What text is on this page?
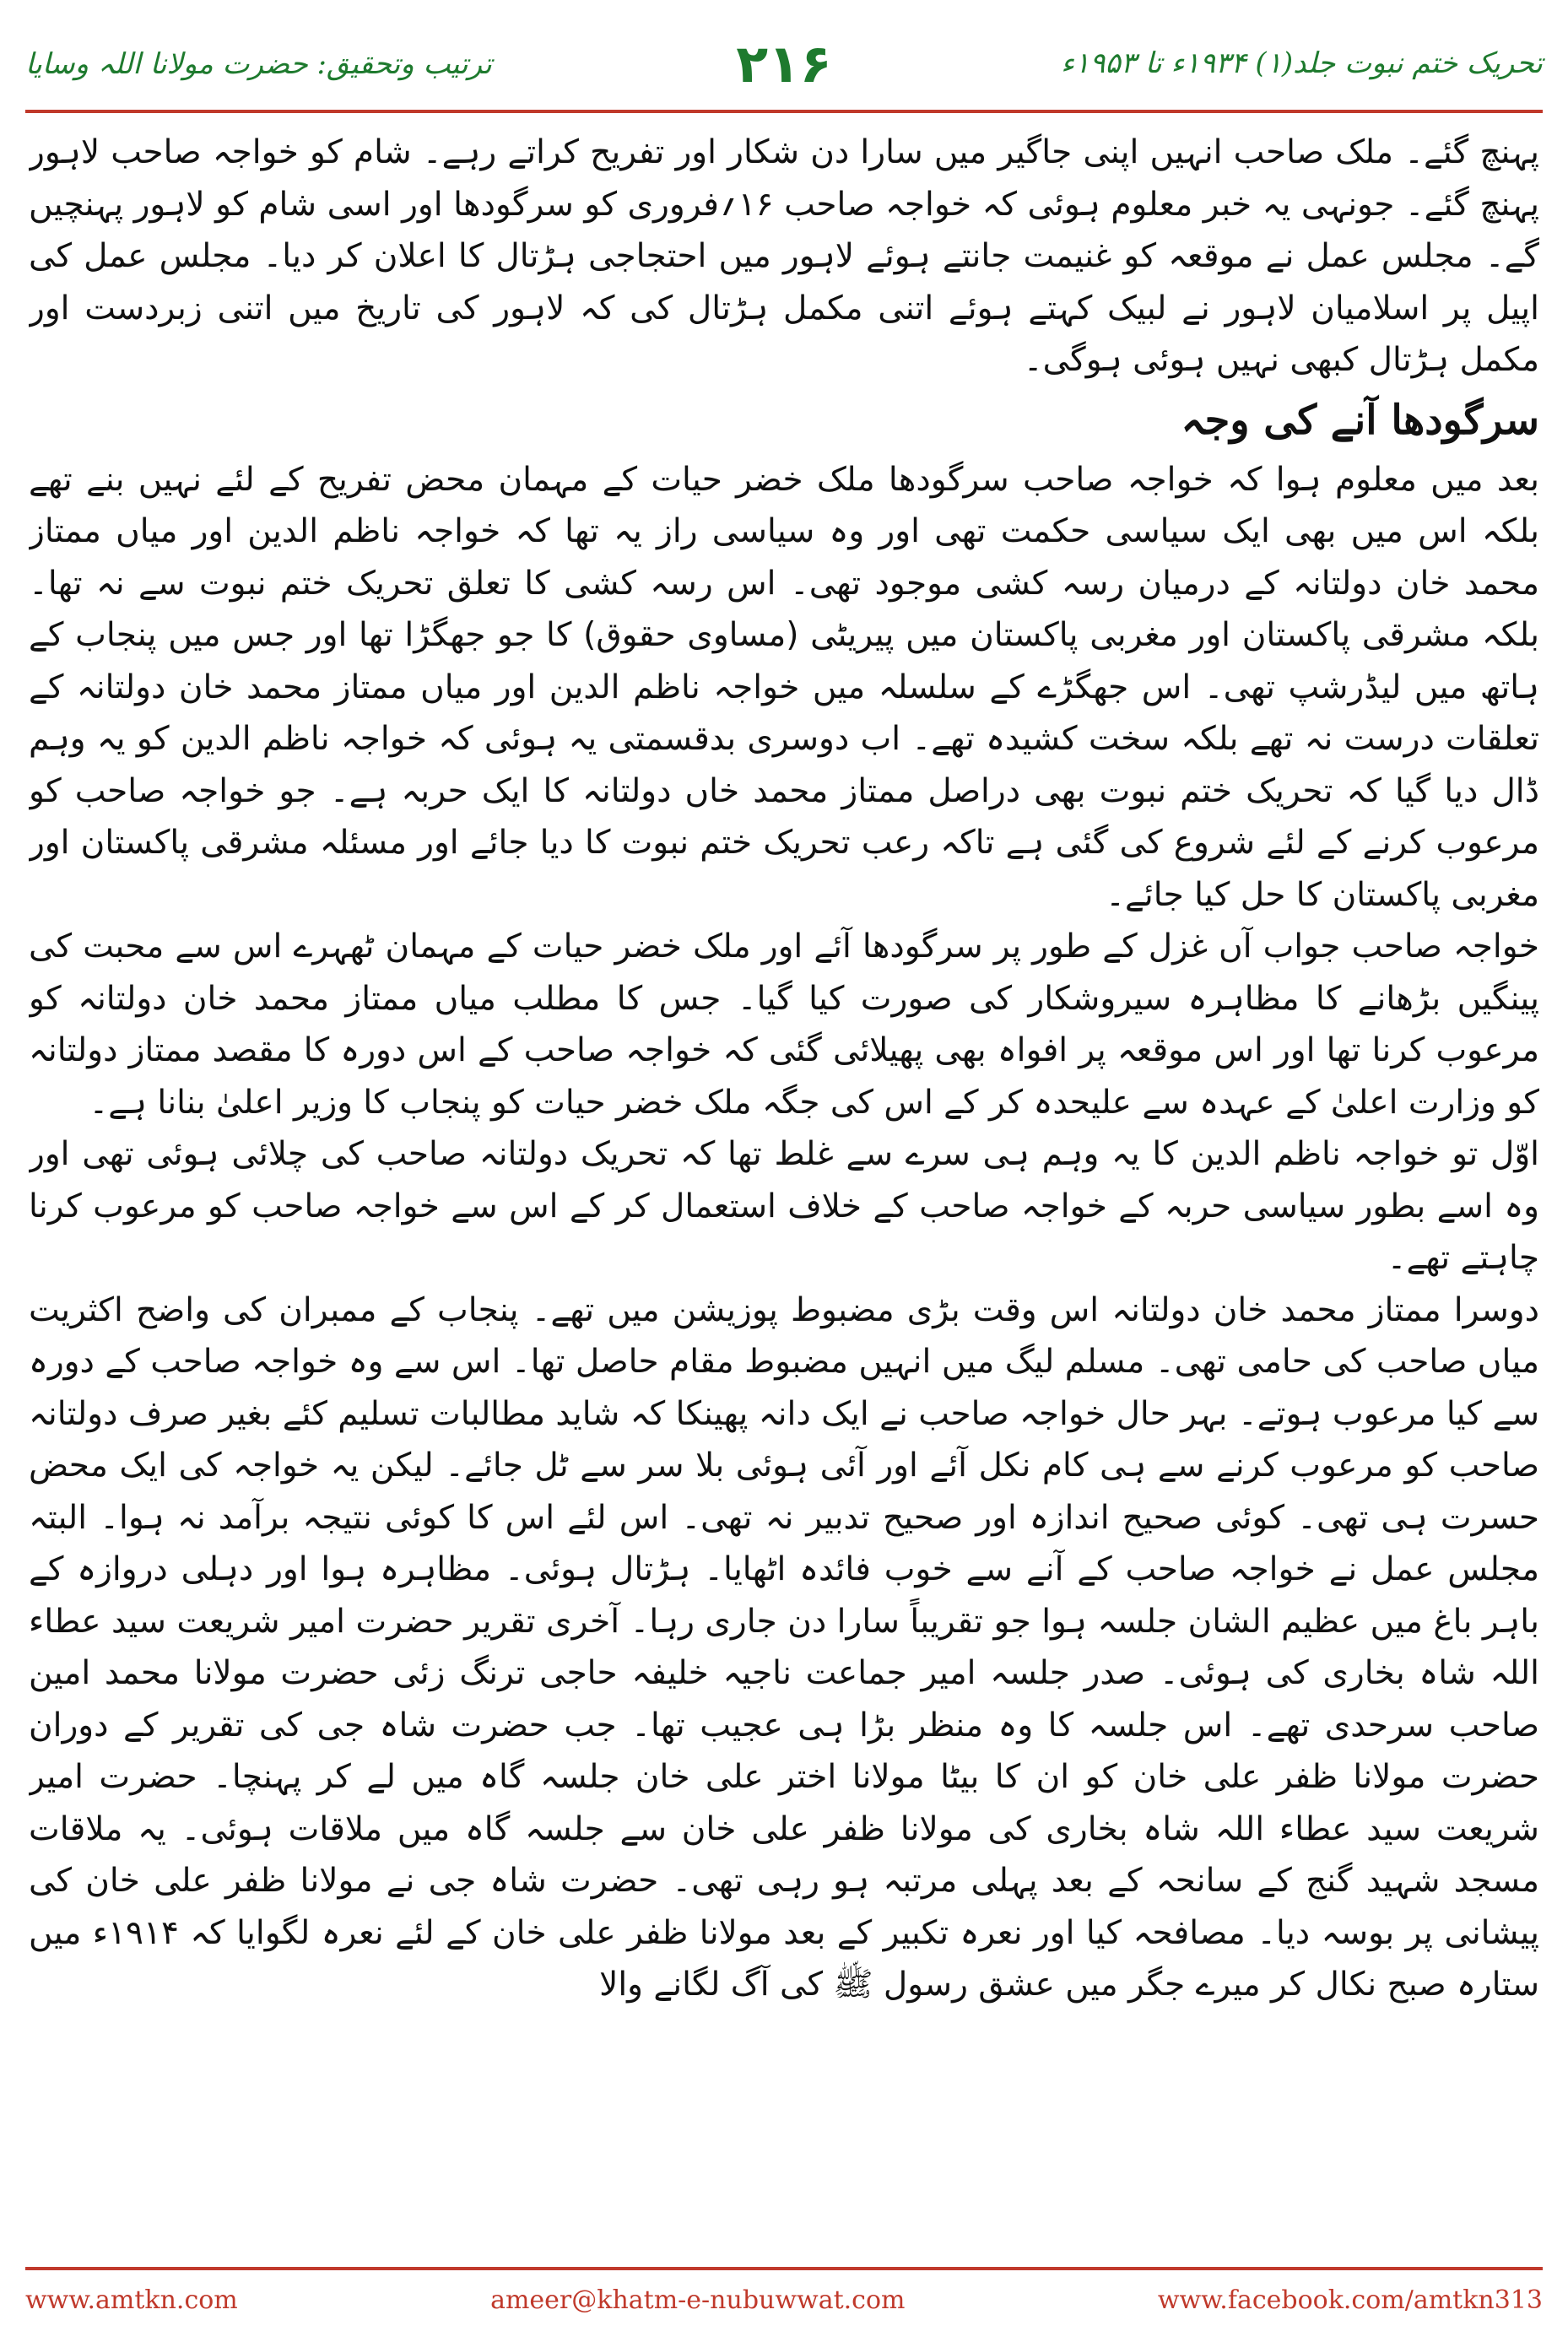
تحریک ختم نبوت جلد(۱) ۱۹۳۴ء تا ۱۹۵۳ء
۲۱۶
ترتیب وتحقیق: حضرت مولانا اللہ وسایا

پہنچ گئے۔ ملک صاحب انہیں اپنی جاگیر میں سارا دن شکار اور تفریح کراتے رہے۔ شام کو خواجہ صاحب لاہور پہنچ گئے۔ جونہی یہ خبر معلوم ہوئی کہ خواجہ صاحب ۱۶؍فروری کو سرگودھا اور اسی شام کو لاہور پہنچیں گے۔ مجلس عمل نے موقعہ کو غنیمت جانتے ہوئے لاہور میں احتجاجی ہڑتال کا اعلان کر دیا۔ مجلس عمل کی اپیل پر اسلامیان لاہور نے لبیک کہتے ہوئے اتنی مکمل ہڑتال کی کہ لاہور کی تاریخ میں اتنی زبردست اور مکمل ہڑتال کبھی نہیں ہوئی ہوگی۔

سرگودھا آنے کی وجہ

بعد میں معلوم ہوا کہ خواجہ صاحب سرگودھا ملک خضر حیات کے مہمان محض تفریح کے لئے نہیں بنے تھے بلکہ اس میں بھی ایک سیاسی حکمت تھی اور وہ سیاسی راز یہ تھا کہ خواجہ ناظم الدین اور میاں ممتاز محمد خان دولتانہ کے درمیان رسہ کشی موجود تھی۔ اس رسہ کشی کا تعلق تحریک ختم نبوت سے نہ تھا۔ بلکہ مشرقی پاکستان اور مغربی پاکستان میں پیریٹی (مساوی حقوق) کا جو جھگڑا تھا اور جس میں پنجاب کے ہاتھ میں لیڈرشپ تھی۔ اس جھگڑے کے سلسلہ میں خواجہ ناظم الدین اور میاں ممتاز محمد خان دولتانہ کے تعلقات درست نہ تھے بلکہ سخت کشیدہ تھے۔ اب دوسری بدقسمتی یہ ہوئی کہ خواجہ ناظم الدین کو یہ وہم ڈال دیا گیا کہ تحریک ختم نبوت بھی دراصل ممتاز محمد خاں دولتانہ کا ایک حربہ ہے۔ جو خواجہ صاحب کو مرعوب کرنے کے لئے شروع کی گئی ہے تاکہ رعب تحریک ختم نبوت کا دیا جائے اور مسئلہ مشرقی پاکستان اور مغربی پاکستان کا حل کیا جائے۔

خواجہ صاحب جواب آں غزل کے طور پر سرگودھا آئے اور ملک خضر حیات کے مہمان ٹھہرے اس سے محبت کی پینگیں بڑھانے کا مظاہرہ سیروشکار کی صورت کیا گیا۔ جس کا مطلب میاں ممتاز محمد خان دولتانہ کو مرعوب کرنا تھا اور اس موقعہ پر افواہ بھی پھیلائی گئی کہ خواجہ صاحب کے اس دورہ کا مقصد ممتاز دولتانہ کو وزارت اعلیٰ کے عہدہ سے علیحدہ کر کے اس کی جگہ ملک خضر حیات کو پنجاب کا وزیر اعلیٰ بنانا ہے۔

اوّل تو خواجہ ناظم الدین کا یہ وہم ہی سرے سے غلط تھا کہ تحریک دولتانہ صاحب کی چلائی ہوئی تھی اور وہ اسے بطور سیاسی حربہ کے خواجہ صاحب کے خلاف استعمال کر کے اس سے خواجہ صاحب کو مرعوب کرنا چاہتے تھے۔

دوسرا ممتاز محمد خان دولتانہ اس وقت بڑی مضبوط پوزیشن میں تھے۔ پنجاب کے ممبران کی واضح اکثریت میاں صاحب کی حامی تھی۔ مسلم لیگ میں انہیں مضبوط مقام حاصل تھا۔ اس سے وہ خواجہ صاحب کے دورہ سے کیا مرعوب ہوتے۔ بہر حال خواجہ صاحب نے ایک دانہ پھینکا کہ شاید مطالبات تسلیم کئے بغیر صرف دولتانہ صاحب کو مرعوب کرنے سے ہی کام نکل آئے اور آئی ہوئی بلا سر سے ٹل جائے۔ لیکن یہ خواجہ کی ایک محض حسرت ہی تھی۔ کوئی صحیح اندازہ اور صحیح تدبیر نہ تھی۔ اس لئے اس کا کوئی نتیجہ برآمد نہ ہوا۔ البتہ مجلس عمل نے خواجہ صاحب کے آنے سے خوب فائدہ اٹھایا۔ ہڑتال ہوئی۔ مظاہرہ ہوا اور دہلی دروازہ کے باہر باغ میں عظیم الشان جلسہ ہوا جو تقریباً سارا دن جاری رہا۔ آخری تقریر حضرت امیر شریعت سید عطاء اللہ شاہ بخاری کی ہوئی۔ صدر جلسہ امیر جماعت ناجیہ خلیفہ حاجی ترنگ زئی حضرت مولانا محمد امین صاحب سرحدی تھے۔ اس جلسہ کا وہ منظر بڑا ہی عجیب تھا۔ جب حضرت شاہ جی کی تقریر کے دوران حضرت مولانا ظفر علی خان کو ان کا بیٹا مولانا اختر علی خان جلسہ گاہ میں لے کر پہنچا۔ حضرت امیر شریعت سید عطاء اللہ شاہ بخاری کی مولانا ظفر علی خان سے جلسہ گاہ میں ملاقات ہوئی۔ یہ ملاقات مسجد شہید گنج کے سانحہ کے بعد پہلی مرتبہ ہو رہی تھی۔ حضرت شاہ جی نے مولانا ظفر علی خان کی پیشانی پر بوسہ دیا۔ مصافحہ کیا اور نعرہ تکبیر کے بعد مولانا ظفر علی خان کے لئے نعرہ لگوایا کہ ۱۹۱۴ء میں ستارہ صبح نکال کر میرے جگر میں عشق رسول ﷺ کی آگ لگانے والا

www.amtkn.com	ameer@khatm-e-nubuwwat.com	www.facebook.com/amtkn313
